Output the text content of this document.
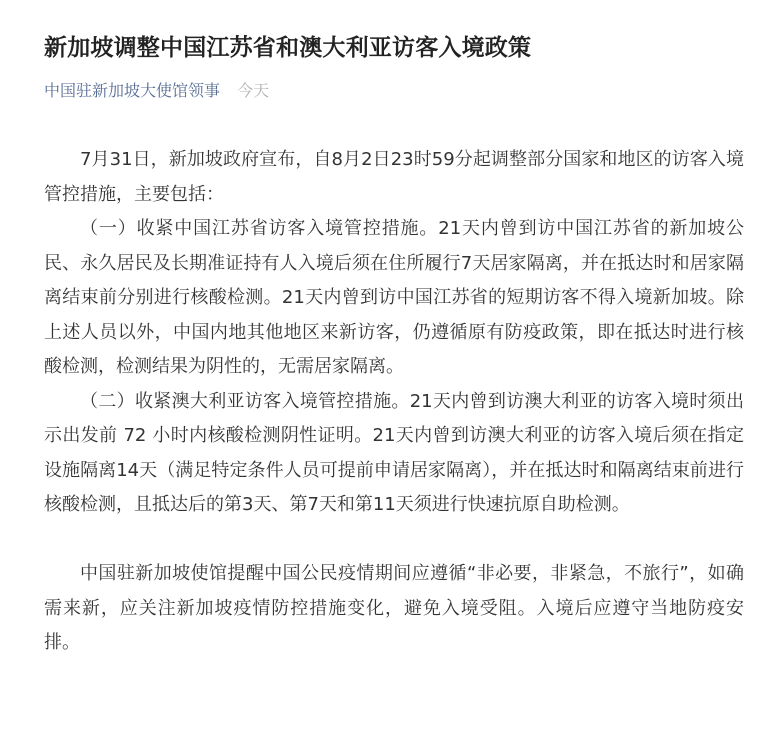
新加坡调整中国江苏省和澳大利亚访客入境政策
中国驻新加坡大使馆领事 今天

7月31日，新加坡政府宣布，自8月2日23时59分起调整部分国家和地区的访客入境管控措施，主要包括：

（一）收紧中国江苏省访客入境管控措施。21天内曾到访中国江苏省的新加坡公民、永久居民及长期准证持有人入境后须在住所履行7天居家隔离，并在抵达时和居家隔离结束前分别进行核酸检测。21天内曾到访中国江苏省的短期访客不得入境新加坡。除上述人员以外，中国内地其他地区来新访客，仍遵循原有防疫政策，即在抵达时进行核酸检测，检测结果为阴性的，无需居家隔离。

（二）收紧澳大利亚访客入境管控措施。21天内曾到访澳大利亚的访客入境时须出示出发前 72 小时内核酸检测阴性证明。21天内曾到访澳大利亚的访客入境后须在指定设施隔离14天（满足特定条件人员可提前申请居家隔离），并在抵达时和隔离结束前进行核酸检测，且抵达后的第3天、第7天和第11天须进行快速抗原自助检测。

中国驻新加坡使馆提醒中国公民疫情期间应遵循“非必要，非紧急，不旅行”，如确需来新，应关注新加坡疫情防控措施变化，避免入境受阻。入境后应遵守当地防疫安排。
